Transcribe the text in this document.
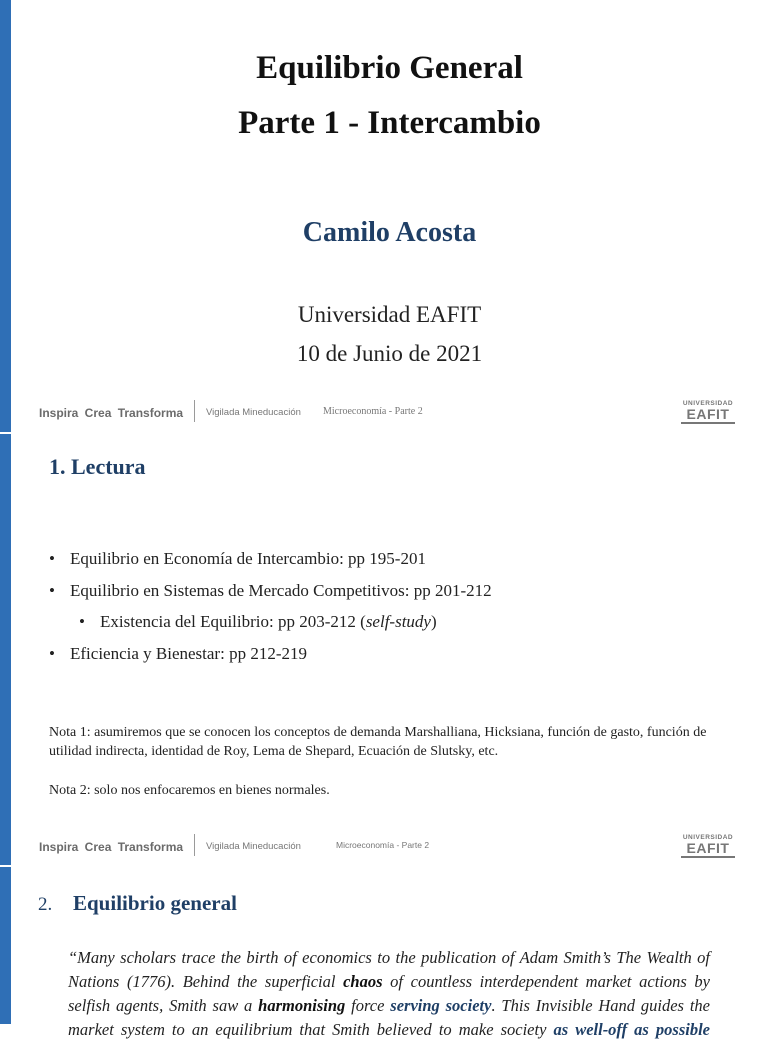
Equilibrio General
Parte 1 - Intercambio
Camilo Acosta
Universidad EAFIT
10 de Junio de 2021
Inspira Crea Transforma Vigilada Mineducación Microeconomía - Parte 2
UNIVERSIDAD
EAFIT
1. Lectura
• Equilibrio en Economía de Intercambio: pp 195-201
• Equilibrio en Sistemas de Mercado Competitivos: pp 201-212
• Existencia del Equilibrio: pp 203-212 (self-study)
• Eficiencia y Bienestar: pp 212-219
Nota 1: asumiremos que se conocen los conceptos de demanda Marshalliana, Hicksiana, función de gasto, función de utilidad indirecta, identidad de Roy, Lema de Shepard, Ecuación de Slutsky, etc.
Nota 2: solo nos enfocaremos en bienes normales.
Inspira Crea Transforma Vigilada Mineducación	Microeconomía - Parte 2
UNIVERSIDAD
EAFIT
2. Equilibrio general
“Many scholars trace the birth of economics to the publication of Adam Smith’s The Wealth of Nations (1776). Behind the superficial chaos of countless interdependent market actions by selfish agents, Smith saw a harmonising force serving society. This Invisible Hand guides the market system to an equilibrium that Smith believed to make society as well-off as possible
